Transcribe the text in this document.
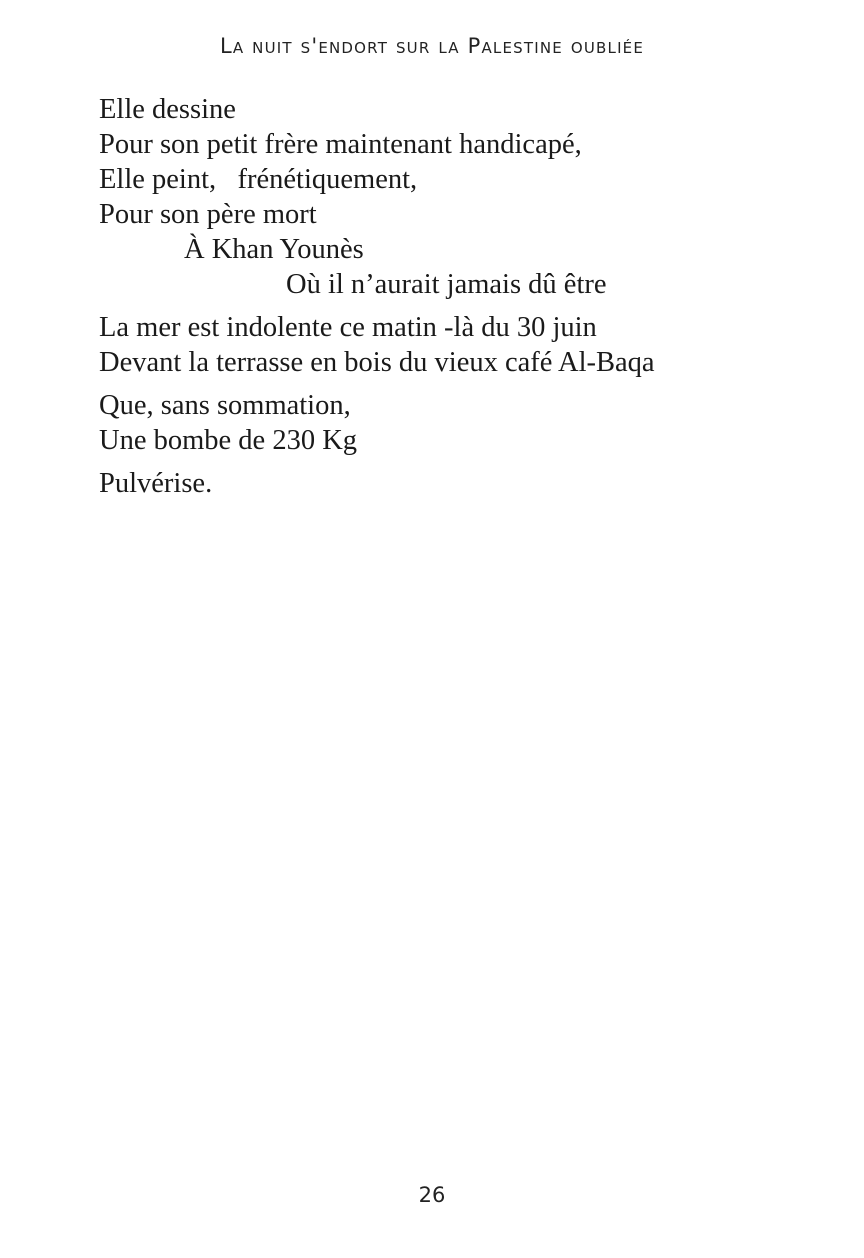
La nuit s'endort sur la Palestine oubliée
Elle dessine
Pour son petit frère maintenant handicapé,
Elle peint,   frénétiquement,
Pour son père mort
À Khan Younès
Où il n’aurait jamais dû être
La mer est indolente ce matin -là du 30 juin
Devant la terrasse en bois du vieux café Al-Baqa
Que, sans sommation,
Une bombe de 230 Kg
Pulvérise.
26
